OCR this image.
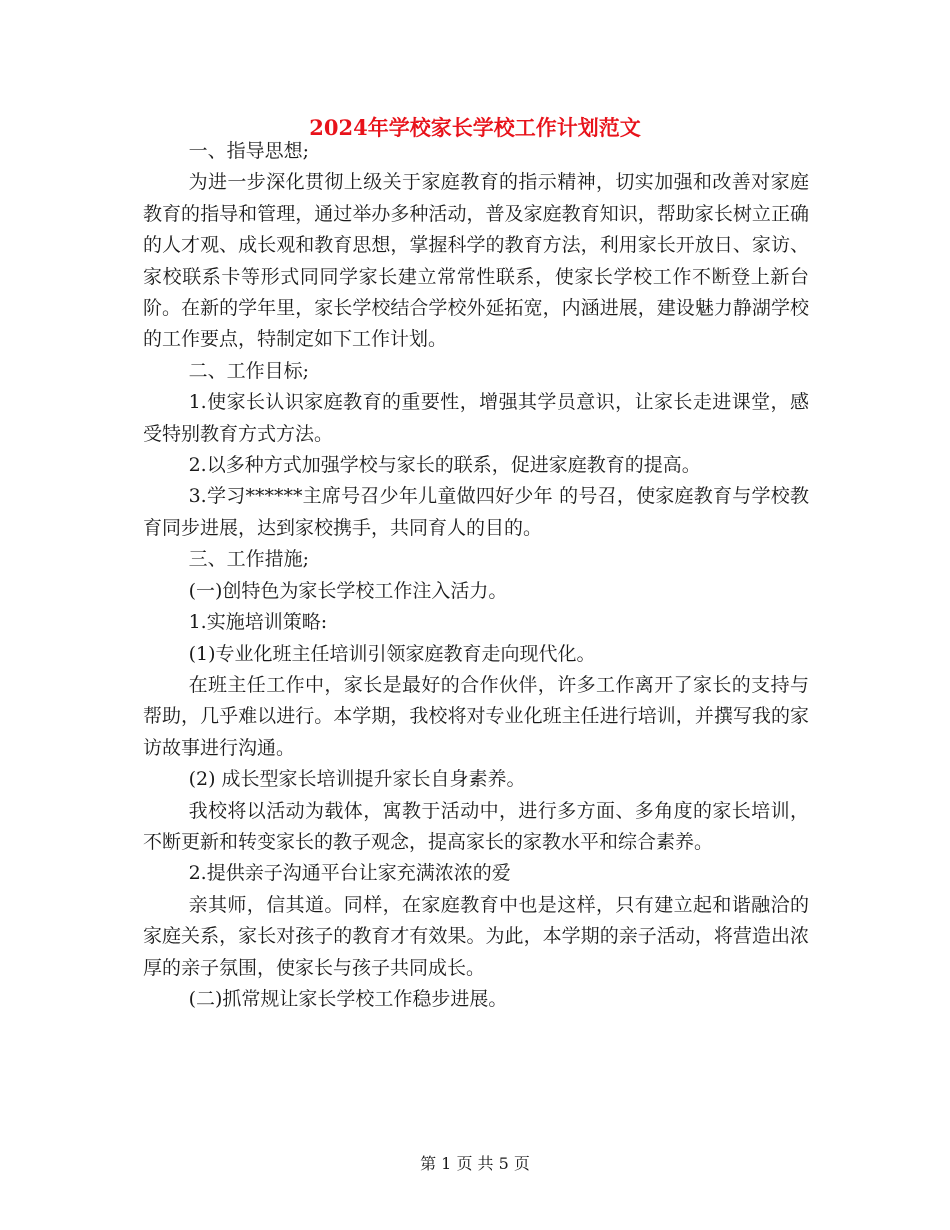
2024年学校家长学校工作计划范文

一、指导思想;

为进一步深化贯彻上级关于家庭教育的指示精神，切实加强和改善对家庭教育的指导和管理，通过举办多种活动，普及家庭教育知识，帮助家长树立正确的人才观、成长观和教育思想，掌握科学的教育方法，利用家长开放日、家访、家校联系卡等形式同同学家长建立常常性联系，使家长学校工作不断登上新台阶。在新的学年里，家长学校结合学校外延拓宽，内涵进展，建设魅力静湖学校的工作要点，特制定如下工作计划。

二、工作目标;

1.使家长认识家庭教育的重要性，增强其学员意识，让家长走进课堂，感受特别教育方式方法。

2.以多种方式加强学校与家长的联系，促进家庭教育的提高。

3.学习******主席号召少年儿童做四好少年 的号召，使家庭教育与学校教育同步进展，达到家校携手，共同育人的目的。

三、工作措施;

(一)创特色为家长学校工作注入活力。

1.实施培训策略:

(1)专业化班主任培训引领家庭教育走向现代化。

在班主任工作中，家长是最好的合作伙伴，许多工作离开了家长的支持与帮助，几乎难以进行。本学期，我校将对专业化班主任进行培训，并撰写我的家访故事进行沟通。

(2) 成长型家长培训提升家长自身素养。

我校将以活动为载体，寓教于活动中，进行多方面、多角度的家长培训，不断更新和转变家长的教子观念，提高家长的家教水平和综合素养。

2.提供亲子沟通平台让家充满浓浓的爱

亲其师，信其道。同样，在家庭教育中也是这样，只有建立起和谐融洽的家庭关系，家长对孩子的教育才有效果。为此，本学期的亲子活动，将营造出浓厚的亲子氛围，使家长与孩子共同成长。

(二)抓常规让家长学校工作稳步进展。

第 1 页 共 5 页
